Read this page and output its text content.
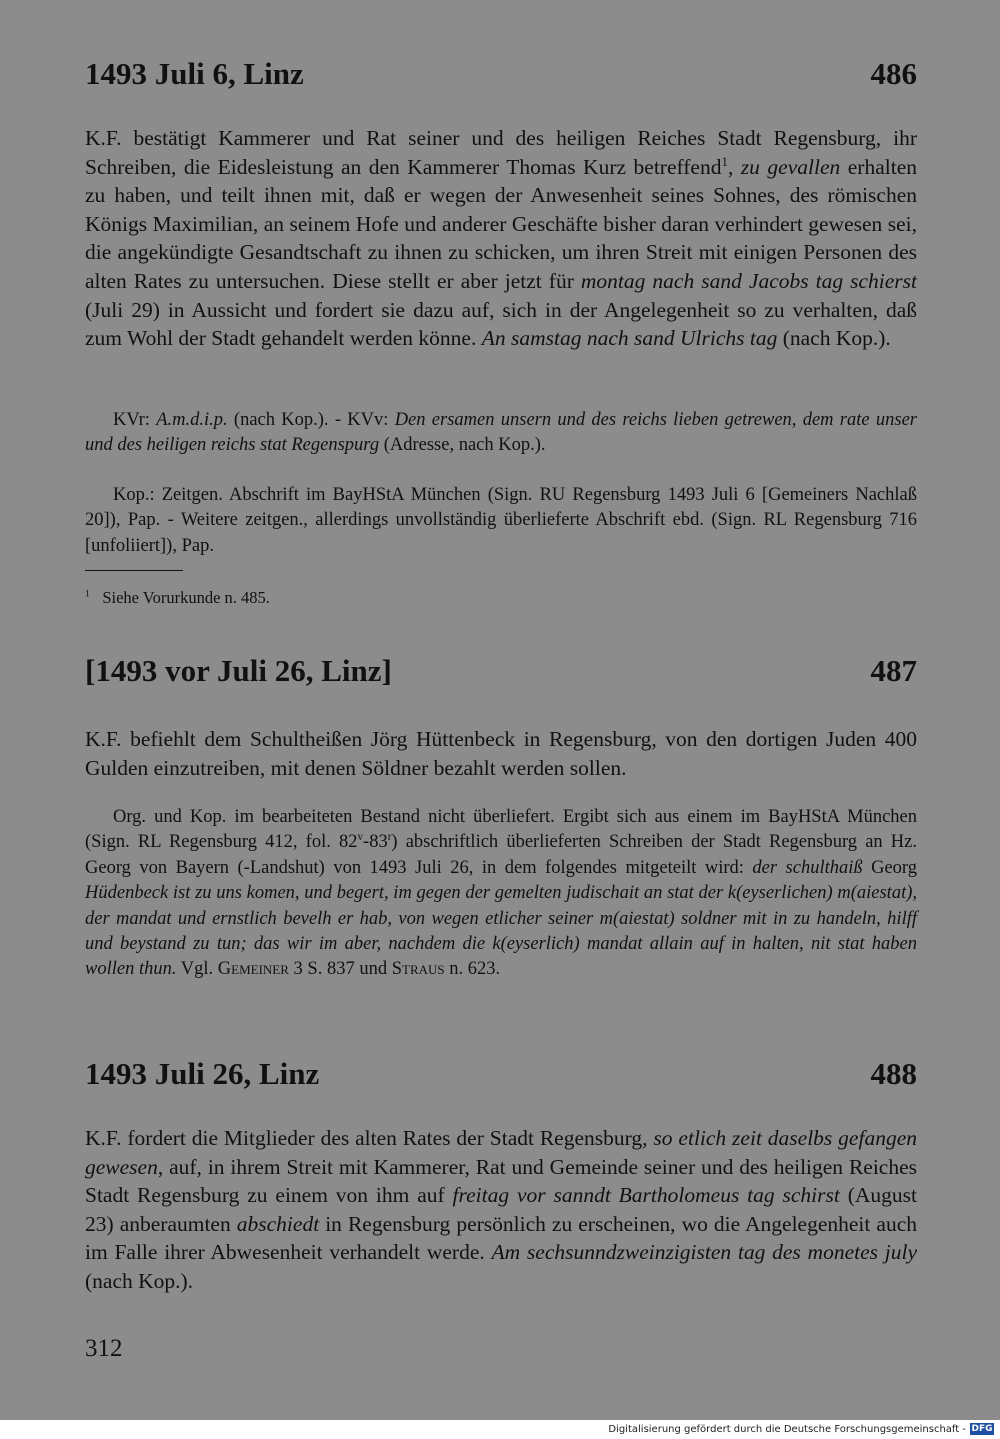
1493 Juli 6, Linz	486
K.F. bestätigt Kammerer und Rat seiner und des heiligen Reiches Stadt Regensburg, ihr Schreiben, die Eidesleistung an den Kammerer Thomas Kurz betreffend$^1$, zu gevallen erhalten zu haben, und teilt ihnen mit, daß er wegen der Anwesenheit seines Sohnes, des römischen Königs Maximilian, an seinem Hofe und anderer Geschäfte bisher daran verhindert gewesen sei, die angekündigte Gesandtschaft zu ihnen zu schicken, um ihren Streit mit einigen Personen des alten Rates zu untersuchen. Diese stellt er aber jetzt für montag nach sand Jacobs tag schierst (Juli 29) in Aussicht und fordert sie dazu auf, sich in der Angelegenheit so zu verhalten, daß zum Wohl der Stadt gehandelt werden könne. An samstag nach sand Ulrichs tag (nach Kop.).
KVr: A.m.d.i.p. (nach Kop.). - KVv: Den ersamen unsern und des reichs lieben getrewen, dem rate unser und des heiligen reichs stat Regenspurg (Adresse, nach Kop.).
Kop.: Zeitgen. Abschrift im BayHStA München (Sign. RU Regensburg 1493 Juli 6 [Gemeiners Nachlaß 20]), Pap. - Weitere zeitgen., allerdings unvollständig überlieferte Abschrift ebd. (Sign. RL Regensburg 716 [unfoliiert]), Pap.
$^1$ Siehe Vorurkunde n. 485.
[1493 vor Juli 26, Linz]	487
K.F. befiehlt dem Schultheißen Jörg Hüttenbeck in Regensburg, von den dortigen Juden 400 Gulden einzutreiben, mit denen Söldner bezahlt werden sollen.
Org. und Kop. im bearbeiteten Bestand nicht überliefert. Ergibt sich aus einem im BayHStA München (Sign. RL Regensburg 412, fol. 82$^v$-83$^r$) abschriftlich überlieferten Schreiben der Stadt Regensburg an Hz. Georg von Bayern (-Landshut) von 1493 Juli 26, in dem folgendes mitgeteilt wird: der schulthaiß Georg Hüdenbeck ist zu uns komen, und begert, im gegen der gemelten judischait an stat der k(eyserlichen) m(aiestat), der mandat und ernstlich bevelh er hab, von wegen etlicher seiner m(aiestat) soldner mit in zu handeln, hilff und beystand zu tun; das wir im aber, nachdem die k(eyserlich) mandat allain auf in halten, nit stat haben wollen thun. Vgl. Gemeiner 3 S. 837 und Straus n. 623.
1493 Juli 26, Linz	488
K.F. fordert die Mitglieder des alten Rates der Stadt Regensburg, so etlich zeit daselbs gefangen gewesen, auf, in ihrem Streit mit Kammerer, Rat und Gemeinde seiner und des heiligen Reiches Stadt Regensburg zu einem von ihm auf freitag vor sanndt Bartholomeus tag schirst (August 23) anberaumten abschiedt in Regensburg persönlich zu erscheinen, wo die Angelegenheit auch im Falle ihrer Abwesenheit verhandelt werde. Am sechsunndzweinzigisten tag des monetes july (nach Kop.).
312
Digitalisierung gefördert durch die Deutsche Forschungsgemeinschaft - DFG
